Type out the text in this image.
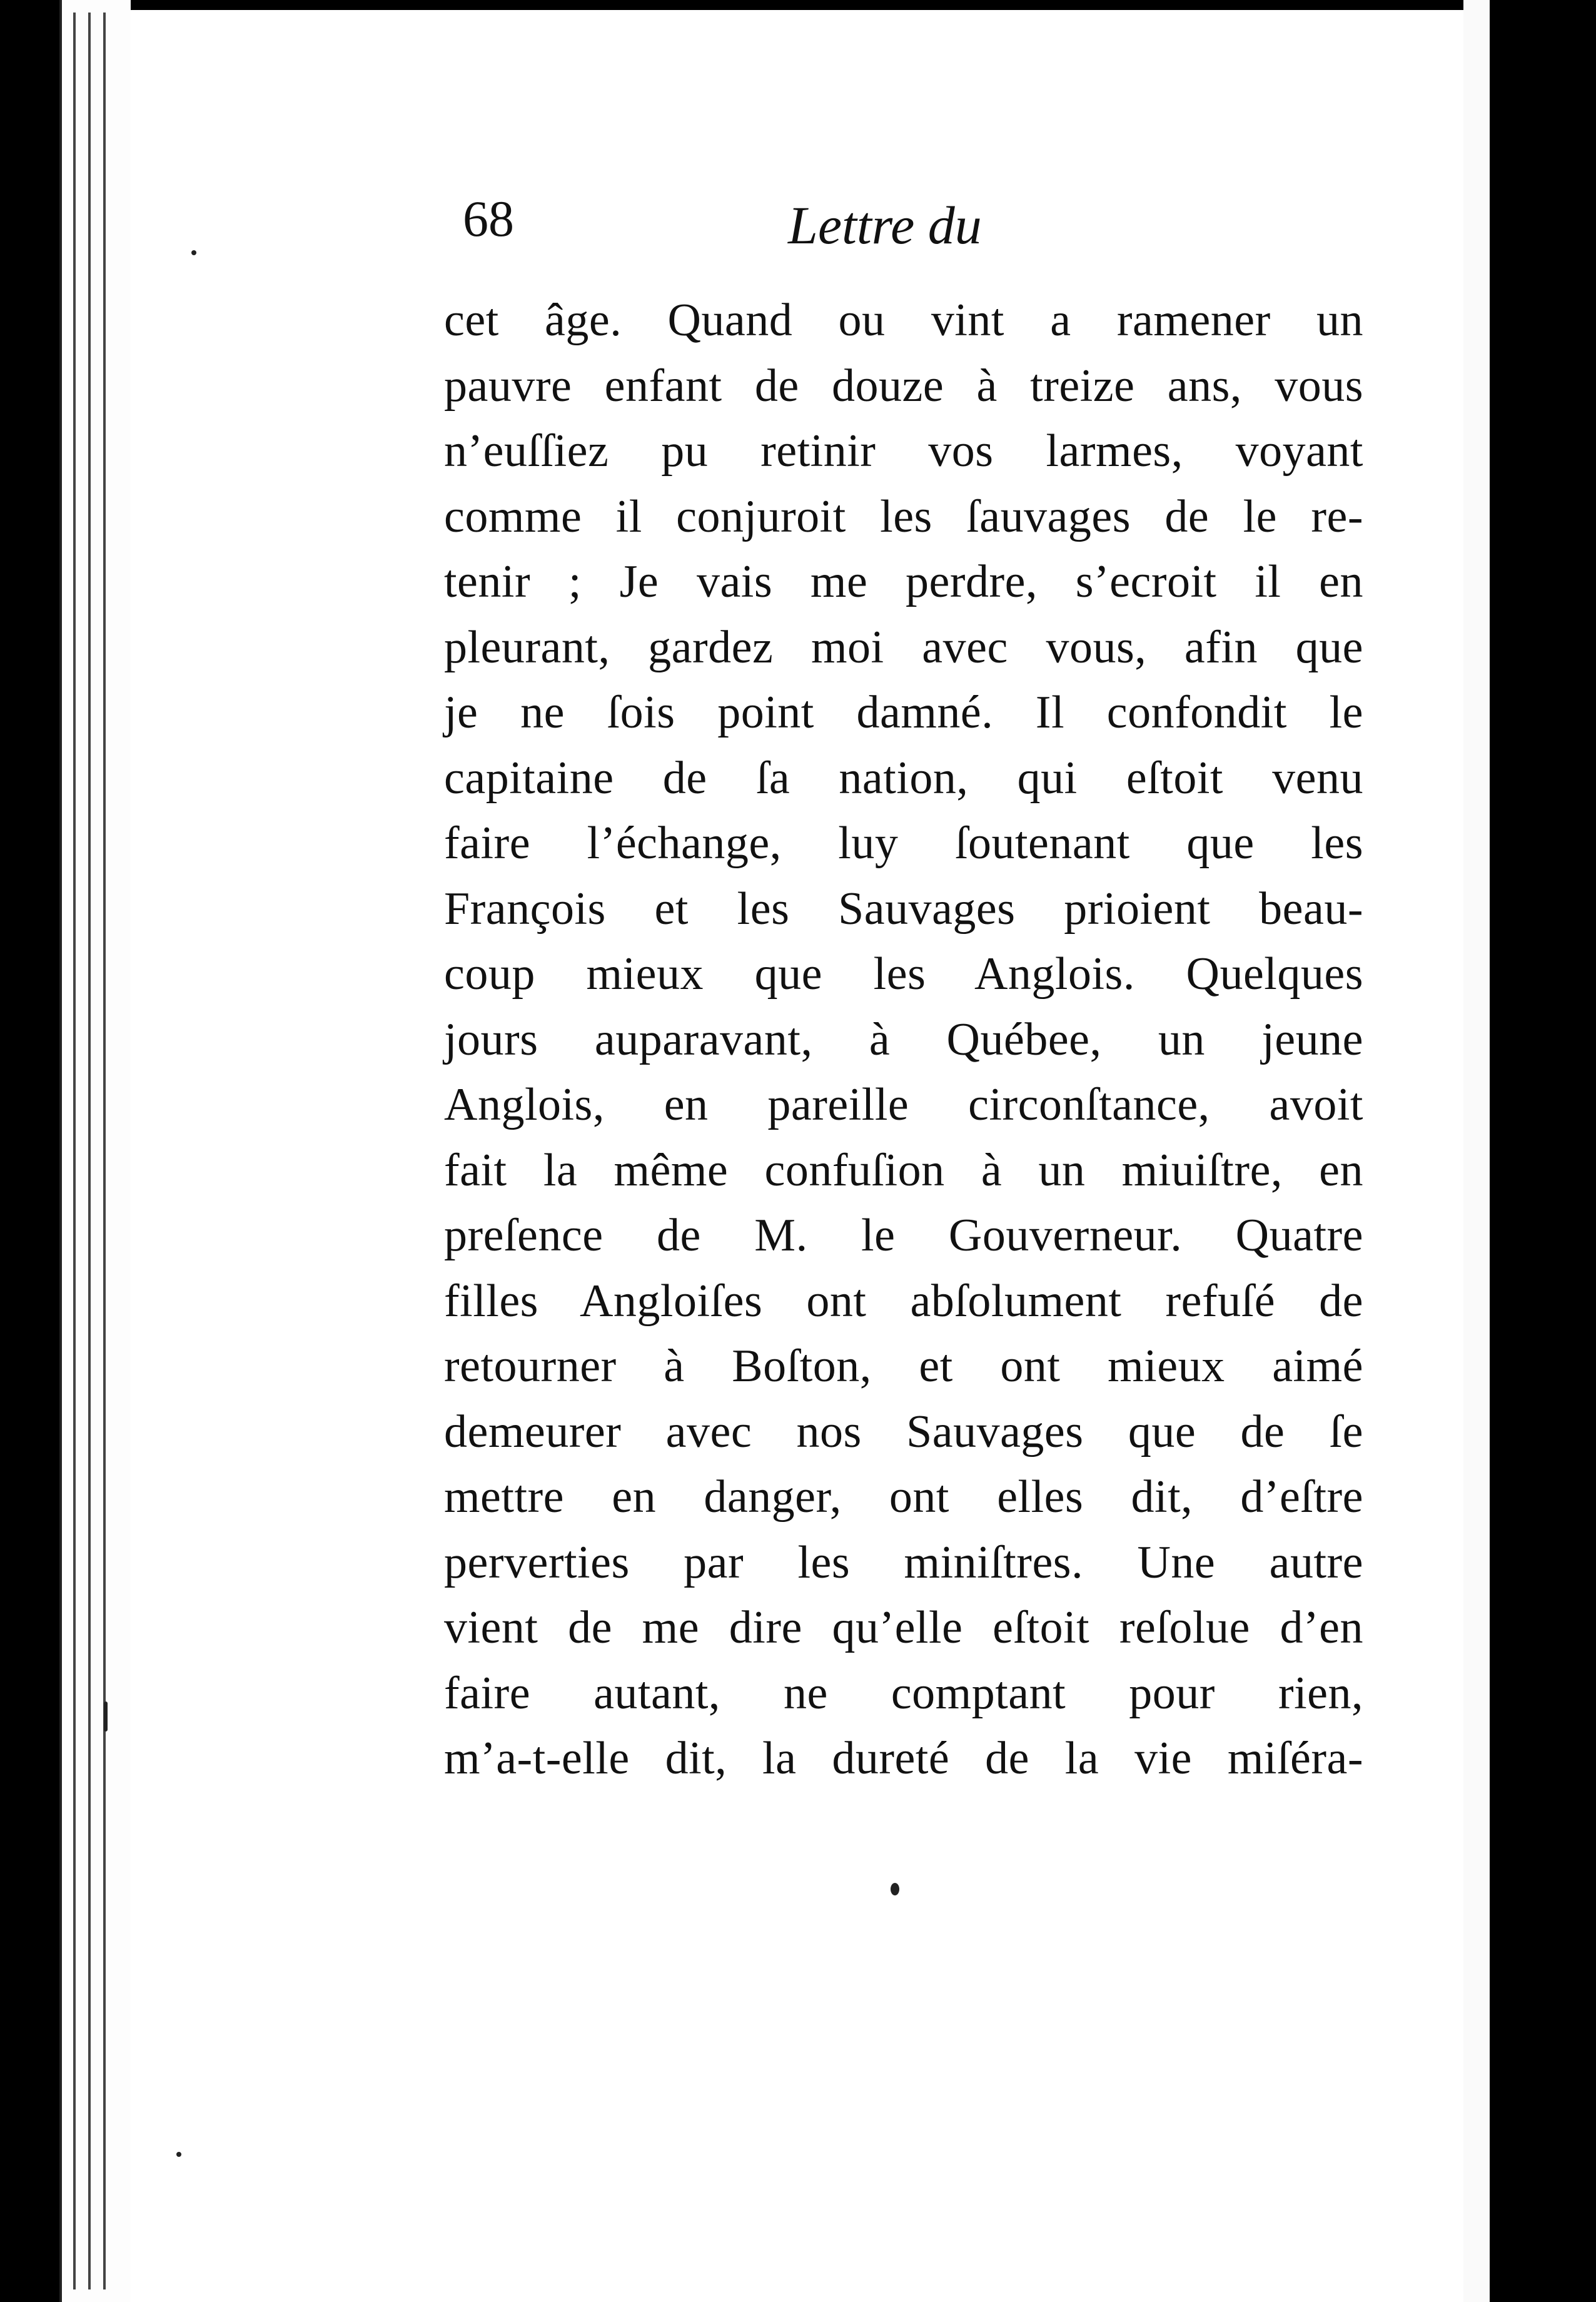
68	Lettre du
cet âge. Quand ou vint a ramener un
pauvre enfant de douze à treize ans, vous
n’euſſiez pu retinir vos larmes, voyant
comme il conjuroit les ſauvages de le re-
tenir ; Je vais me perdre, s’ecroit il en
pleurant, gardez moi avec vous, afin que
je ne ſois point damné. Il confondit le
capitaine de ſa nation, qui eſtoit venu
faire l’échange, luy ſoutenant que les
François et les Sauvages prioient beau-
coup mieux que les Anglois. Quelques
jours auparavant, à Québee, un jeune
Anglois, en pareille circonſtance, avoit
fait la même confuſion à un miuiſtre, en
preſence de M. le Gouverneur. Quatre
filles Angloiſes ont abſolument refuſé de
retourner à Boſton, et ont mieux aimé
demeurer avec nos Sauvages que de ſe
mettre en danger, ont elles dit, d’eſtre
perverties par les miniſtres. Une autre
vient de me dire qu’elle eſtoit reſolue d’en
faire autant, ne comptant pour rien,
m’a-t-elle dit, la dureté de la vie miſéra-
